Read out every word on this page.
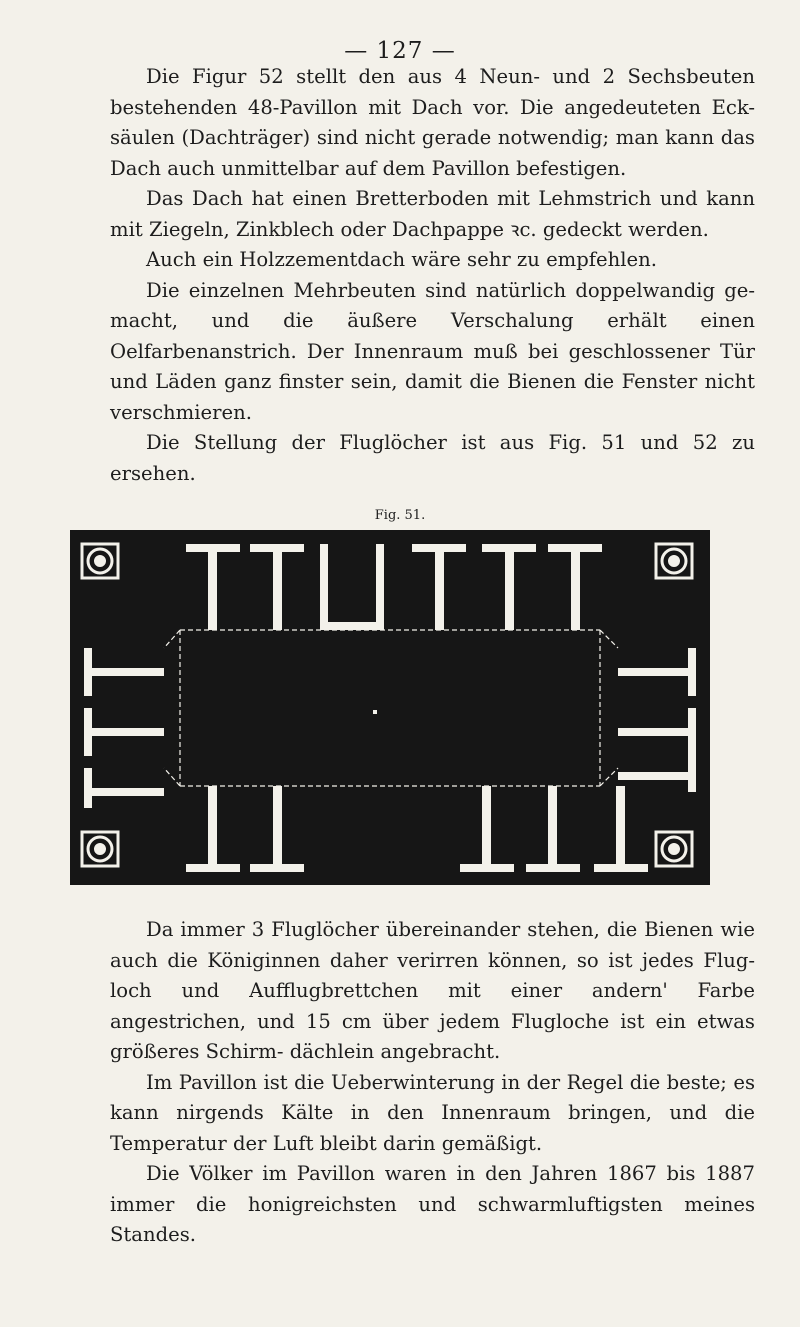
— 127 —

Die Figur 52 stellt den aus 4 Neun- und 2 Sechsbeuten bestehenden 48-Pavillon mit Dach vor. Die angedeuteten Eck- säulen (Dachträger) sind nicht gerade notwendig; man kann das Dach auch unmittelbar auf dem Pavillon befestigen.

Das Dach hat einen Bretterboden mit Lehmstrich und kann mit Ziegeln, Zinkblech oder Dachpappe ꝛc. gedeckt werden.

Auch ein Holzzementdach wäre sehr zu empfehlen.

Die einzelnen Mehrbeuten sind natürlich doppelwandig ge- macht, und die äußere Verschalung erhält einen Oelfarbenanstrich. Der Innenraum muß bei geschlossener Tür und Läden ganz finster sein, damit die Bienen die Fenster nicht verschmieren.

Die Stellung der Fluglöcher ist aus Fig. 51 und 52 zu ersehen.

Fig. 51.

Da immer 3 Fluglöcher übereinander stehen, die Bienen wie auch die Königinnen daher verirren können, so ist jedes Flug- loch und Aufflugbrettchen mit einer andern' Farbe angestrichen, und 15 cm über jedem Flugloche ist ein etwas größeres Schirm- dächlein angebracht.

Im Pavillon ist die Ueberwinterung in der Regel die beste; es kann nirgends Kälte in den Innenraum bringen, und die Temperatur der Luft bleibt darin gemäßigt.

Die Völker im Pavillon waren in den Jahren 1867 bis 1887 immer die honigreichsten und schwarmluftigsten meines Standes.
